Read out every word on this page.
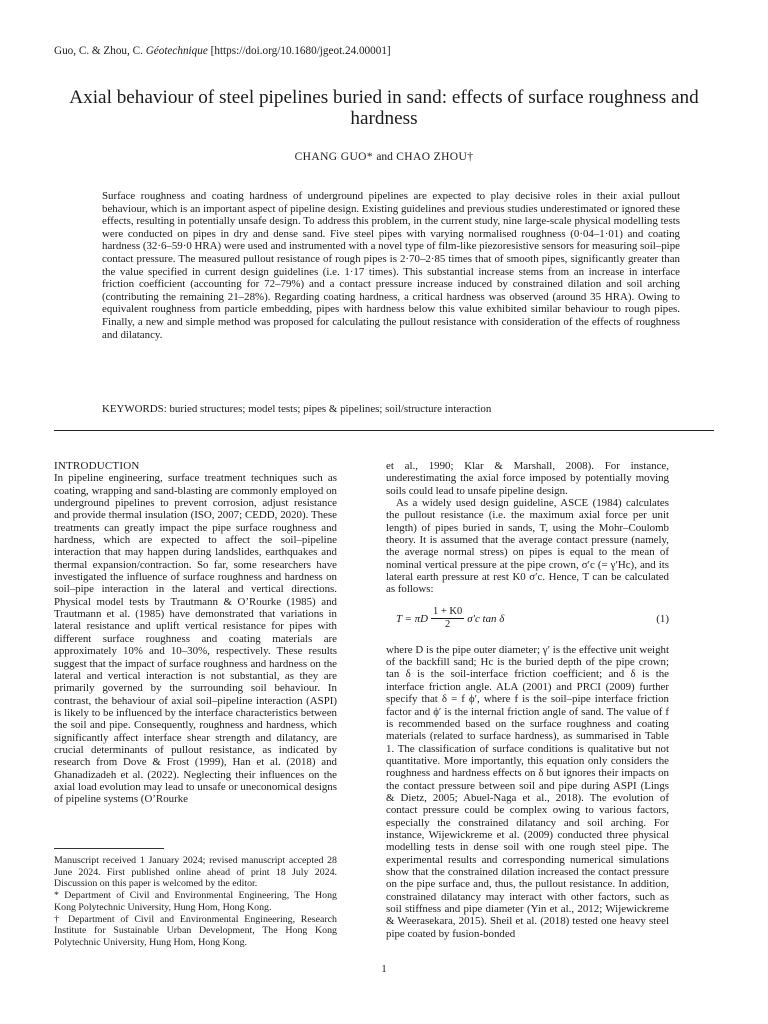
Guo, C. & Zhou, C. Géotechnique [https://doi.org/10.1680/jgeot.24.00001]
Axial behaviour of steel pipelines buried in sand: effects of surface roughness and hardness
CHANG GUO* and CHAO ZHOU†

Surface roughness and coating hardness of underground pipelines are expected to play decisive roles in their axial pullout behaviour, which is an important aspect of pipeline design. Existing guidelines and previous studies underestimated or ignored these effects, resulting in potentially unsafe design. To address this problem, in the current study, nine large-scale physical modelling tests were conducted on pipes in dry and dense sand. Five steel pipes with varying normalised roughness (0·04–1·01) and coating hardness (32·6–59·0 HRA) were used and instrumented with a novel type of film-like piezoresistive sensors for measuring soil–pipe contact pressure. The measured pullout resistance of rough pipes is 2·70–2·85 times that of smooth pipes, significantly greater than the value specified in current design guidelines (i.e. 1·17 times). This substantial increase stems from an increase in interface friction coefficient (accounting for 72–79%) and a contact pressure increase induced by constrained dilation and soil arching (contributing the remaining 21–28%). Regarding coating hardness, a critical hardness was observed (around 35 HRA). Owing to equivalent roughness from particle embedding, pipes with hardness below this value exhibited similar behaviour to rough pipes. Finally, a new and simple method was proposed for calculating the pullout resistance with consideration of the effects of roughness and dilatancy.

KEYWORDS: buried structures; model tests; pipes & pipelines; soil/structure interaction

INTRODUCTION

In pipeline engineering, surface treatment techniques such as coating, wrapping and sand-blasting are commonly employed on underground pipelines to prevent corrosion, adjust resistance and provide thermal insulation (ISO, 2007; CEDD, 2020). These treatments can greatly impact the pipe surface roughness and hardness, which are expected to affect the soil–pipeline interaction that may happen during landslides, earthquakes and thermal expansion/contraction. So far, some researchers have investigated the influence of surface roughness and hardness on soil–pipe interaction in the lateral and vertical directions. Physical model tests by Trautmann & O’Rourke (1985) and Trautmann et al. (1985) have demonstrated that variations in lateral resistance and uplift vertical resistance for pipes with different surface roughness and coating materials are approximately 10% and 10–30%, respectively. These results suggest that the impact of surface roughness and hardness on the lateral and vertical interaction is not substantial, as they are primarily governed by the surrounding soil behaviour. In contrast, the behaviour of axial soil–pipeline interaction (ASPI) is likely to be influenced by the interface characteristics between the soil and pipe. Consequently, roughness and hardness, which significantly affect interface shear strength and dilatancy, are crucial determinants of pullout resistance, as indicated by research from Dove & Frost (1999), Han et al. (2018) and Ghanadizadeh et al. (2022). Neglecting their influences on the axial load evolution may lead to unsafe or uneconomical designs of pipeline systems (O’Rourke

et al., 1990; Klar & Marshall, 2008). For instance, underestimating the axial force imposed by potentially moving soils could lead to unsafe pipeline design.

As a widely used design guideline, ASCE (1984) calculates the pullout resistance (i.e. the maximum axial force per unit length) of pipes buried in sands, T, using the Mohr–Coulomb theory. It is assumed that the average contact pressure (namely, the average normal stress) on pipes is equal to the mean of nominal vertical pressure at the pipe crown, σ′c (= γ′Hc), and its lateral earth pressure at rest K0 σ′c. Hence, T can be calculated as follows:

T = πD $\frac{1 + K0}{2} \sigma'c$ tan δ	(1)

where D is the pipe outer diameter; γ′ is the effective unit weight of the backfill sand; Hc is the buried depth of the pipe crown; tan δ is the soil-interface friction coefficient; and δ is the interface friction angle. ALA (2001) and PRCI (2009) further specify that δ = f ϕ′, where f is the soil–pipe interface friction factor and ϕ′ is the internal friction angle of sand. The value of f is recommended based on the surface roughness and coating materials (related to surface hardness), as summarised in Table 1. The classification of surface conditions is qualitative but not quantitative. More importantly, this equation only considers the roughness and hardness effects on δ but ignores their impacts on the contact pressure between soil and pipe during ASPI (Lings & Dietz, 2005; Abuel-Naga et al., 2018). The evolution of contact pressure could be complex owing to various factors, especially the constrained dilatancy and soil arching. For instance, Wijewickreme et al. (2009) conducted three physical modelling tests in dense soil with one rough steel pipe. The experimental results and corresponding numerical simulations show that the constrained dilation increased the contact pressure on the pipe surface and, thus, the pullout resistance. In addition, constrained dilatancy may interact with other factors, such as soil stiffness and pipe diameter (Yin et al., 2012; Wijewickreme & Weerasekara, 2015). Sheil et al. (2018) tested one heavy steel pipe coated by fusion-bonded

Manuscript received 1 January 2024; revised manuscript accepted 28 June 2024. First published online ahead of print 18 July 2024. Discussion on this paper is welcomed by the editor.

* Department of Civil and Environmental Engineering, The Hong Kong Polytechnic University, Hung Hom, Hong Kong.

† Department of Civil and Environmental Engineering, Research Institute for Sustainable Urban Development, The Hong Kong Polytechnic University, Hung Hom, Hong Kong.

1
